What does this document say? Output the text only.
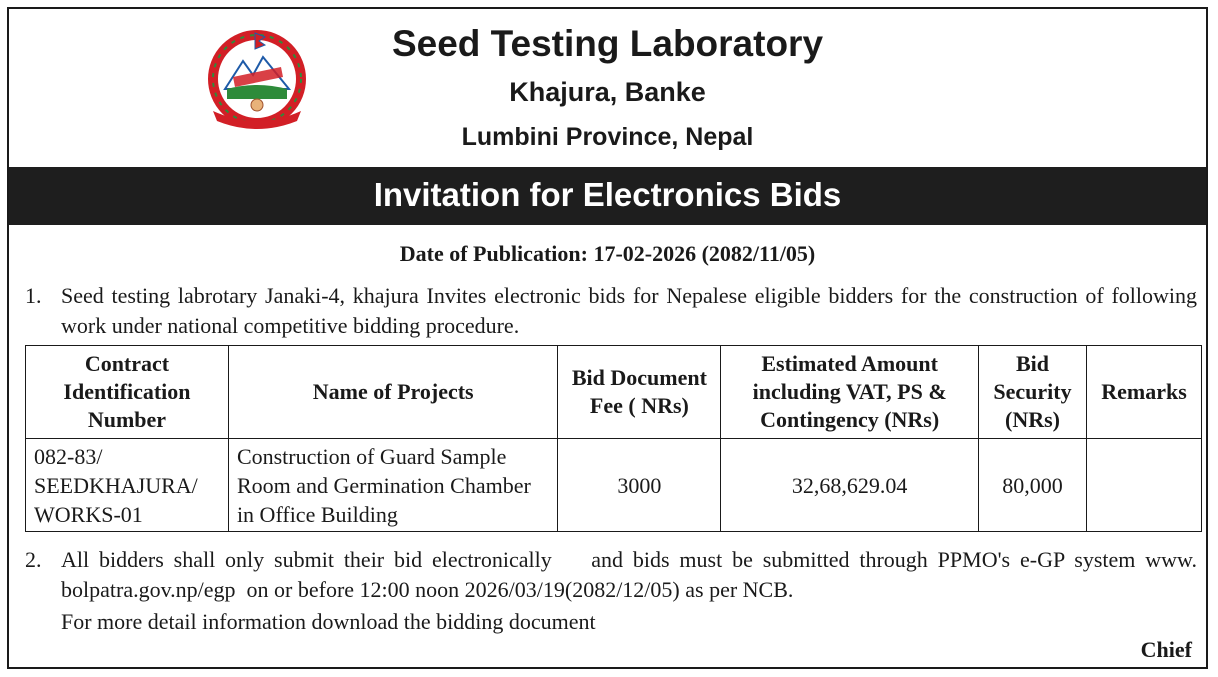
Seed Testing Laboratory
Khajura, Banke
Lumbini Province, Nepal
Invitation for Electronics Bids
Date of Publication: 17-02-2026 (2082/11/05)
1. Seed testing labrotary Janaki-4, khajura Invites electronic bids for Nepalese eligible bidders for the construction of following work under national competitive bidding procedure.
Contract Identification Number	Name of Projects	Bid Document Fee ( NRs)	Estimated Amount including VAT, PS & Contingency (NRs)	Bid Security (NRs)	Remarks
082-83/ SEEDKHAJURA/ WORKS-01	Construction of Guard Sample Room and Germination Chamber in Office Building	3000	32,68,629.04	80,000	
2. All bidders shall only submit their bid electronically    and bids must be submitted through PPMO's e-GP system www. bolpatra.gov.np/egp  on or before 12:00 noon 2026/03/19(2082/12/05) as per NCB.
For more detail information download the bidding document
Chief
